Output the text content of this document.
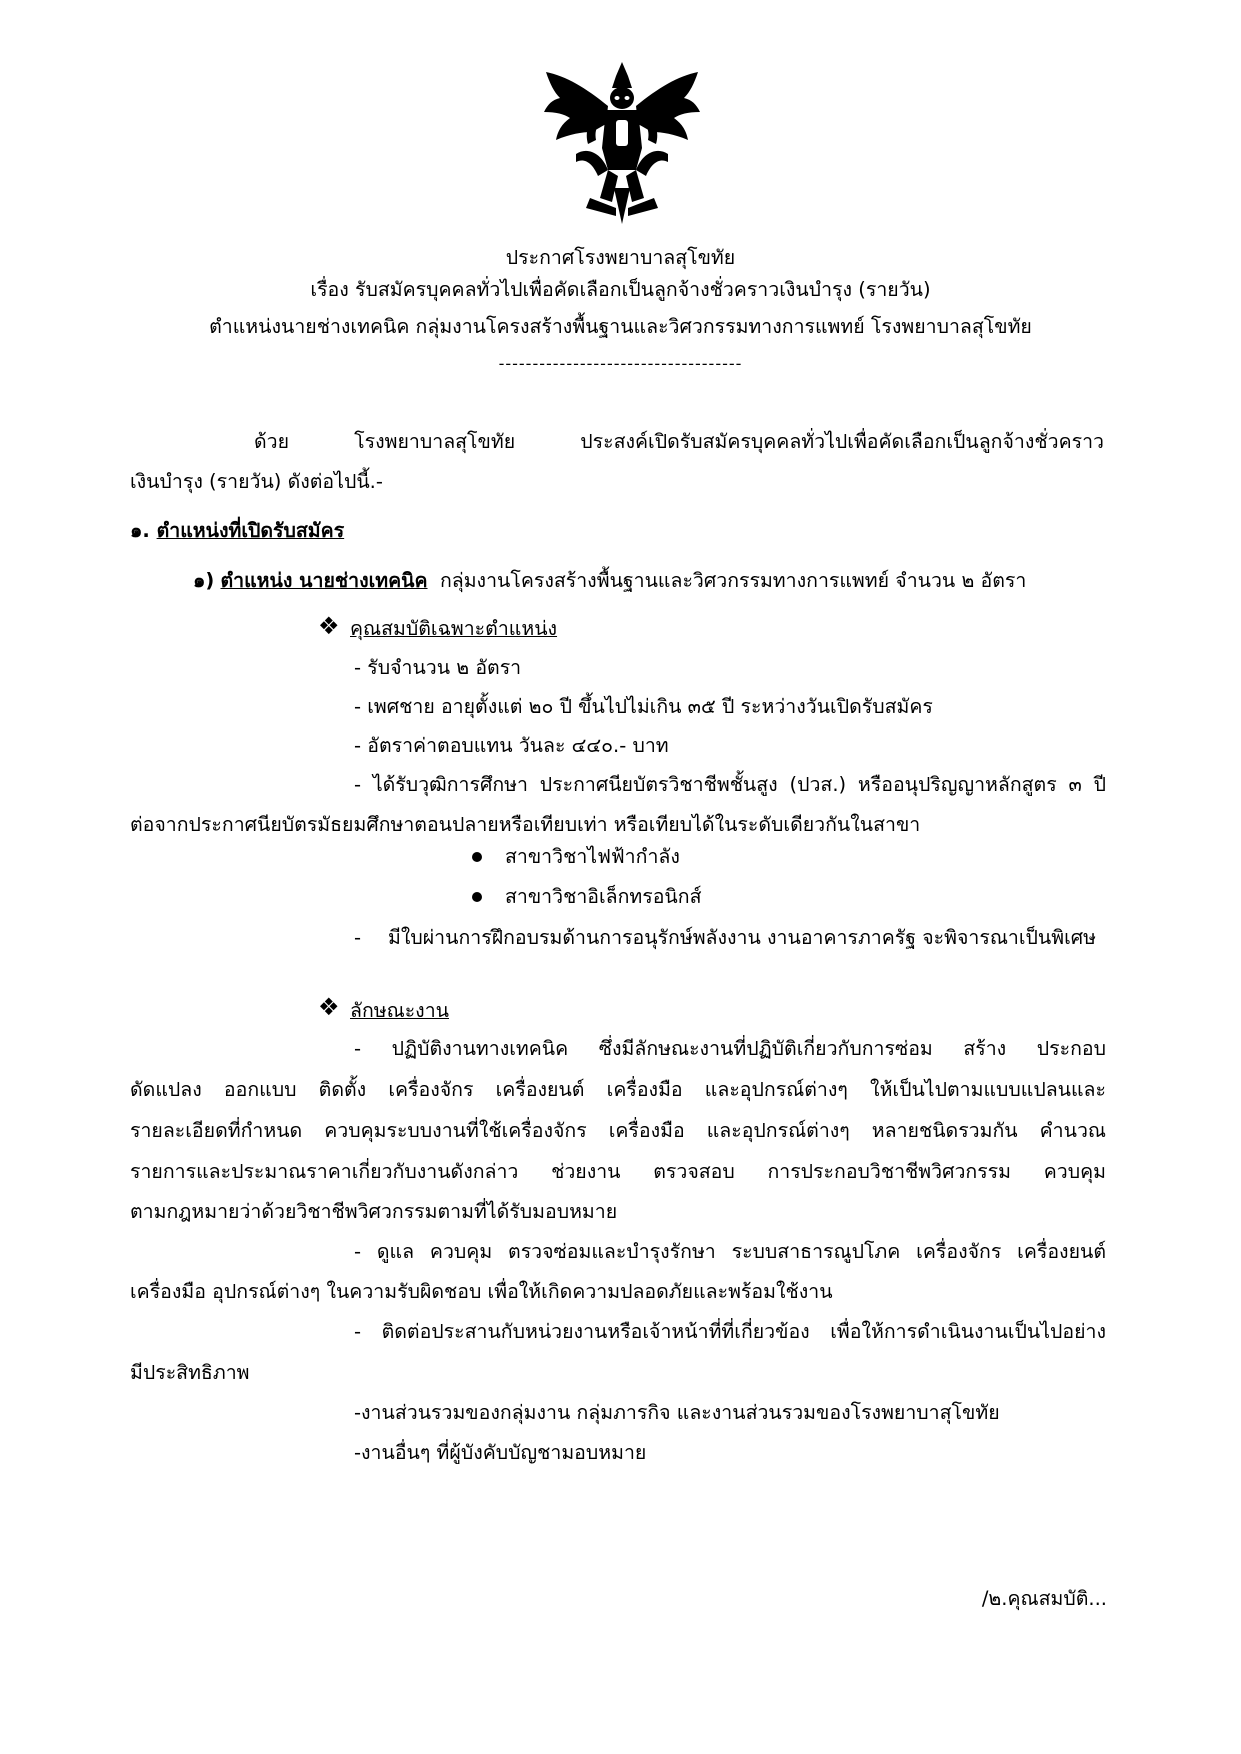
ประกาศโรงพยาบาลสุโขทัย
เรื่อง รับสมัครบุคคลทั่วไปเพื่อคัดเลือกเป็นลูกจ้างชั่วคราวเงินบำรุง (รายวัน)
ตำแหน่งนายช่างเทคนิค กลุ่มงานโครงสร้างพื้นฐานและวิศวกรรมทางการแพทย์ โรงพยาบาลสุโขทัย
------------------------------------
ด้วย โรงพยาบาลสุโขทัย ประสงค์เปิดรับสมัครบุคคลทั่วไปเพื่อคัดเลือกเป็นลูกจ้างชั่วคราว
เงินบำรุง (รายวัน) ดังต่อไปนี้.-
๑. ตำแหน่งที่เปิดรับสมัคร
๑) ตำแหน่ง นายช่างเทคนิค กลุ่มงานโครงสร้างพื้นฐานและวิศวกรรมทางการแพทย์ จำนวน ๒ อัตรา
❖ คุณสมบัติเฉพาะตำแหน่ง
- รับจำนวน ๒ อัตรา
- เพศชาย อายุตั้งแต่ ๒๐ ปี ขึ้นไปไม่เกิน ๓๕ ปี ระหว่างวันเปิดรับสมัคร
- อัตราค่าตอบแทน วันละ ๔๔๐.- บาท
- ได้รับวุฒิการศึกษา ประกาศนียบัตรวิชาชีพชั้นสูง (ปวส.) หรืออนุปริญญาหลักสูตร ๓ ปี
ต่อจากประกาศนียบัตรมัธยมศึกษาตอนปลายหรือเทียบเท่า หรือเทียบได้ในระดับเดียวกันในสาขา
สาขาวิชาไฟฟ้ากำลัง
สาขาวิชาอิเล็กทรอนิกส์
- มีใบผ่านการฝึกอบรมด้านการอนุรักษ์พลังงาน งานอาคารภาครัฐ จะพิจารณาเป็นพิเศษ
❖ ลักษณะงาน
- ปฏิบัติงานทางเทคนิค ซึ่งมีลักษณะงานที่ปฏิบัติเกี่ยวกับการซ่อม สร้าง ประกอบ
ดัดแปลง ออกแบบ ติดตั้ง เครื่องจักร เครื่องยนต์ เครื่องมือ และอุปกรณ์ต่างๆ ให้เป็นไปตามแบบแปลนและ
รายละเอียดที่กำหนด ควบคุมระบบงานที่ใช้เครื่องจักร เครื่องมือ และอุปกรณ์ต่างๆ หลายชนิดรวมกัน คำนวณ
รายการและประมาณราคาเกี่ยวกับงานดังกล่าว ช่วยงาน ตรวจสอบ การประกอบวิชาชีพวิศวกรรม ควบคุม
ตามกฎหมายว่าด้วยวิชาชีพวิศวกรรมตามที่ได้รับมอบหมาย
- ดูแล ควบคุม ตรวจซ่อมและบำรุงรักษา ระบบสาธารณูปโภค เครื่องจักร เครื่องยนต์
เครื่องมือ อุปกรณ์ต่างๆ ในความรับผิดชอบ เพื่อให้เกิดความปลอดภัยและพร้อมใช้งาน
- ติดต่อประสานกับหน่วยงานหรือเจ้าหน้าที่ที่เกี่ยวข้อง เพื่อให้การดำเนินงานเป็นไปอย่าง
มีประสิทธิภาพ
-งานส่วนรวมของกลุ่มงาน กลุ่มภารกิจ และงานส่วนรวมของโรงพยาบาสุโขทัย
-งานอื่นๆ ที่ผู้บังคับบัญชามอบหมาย
/๒.คุณสมบัติ...
